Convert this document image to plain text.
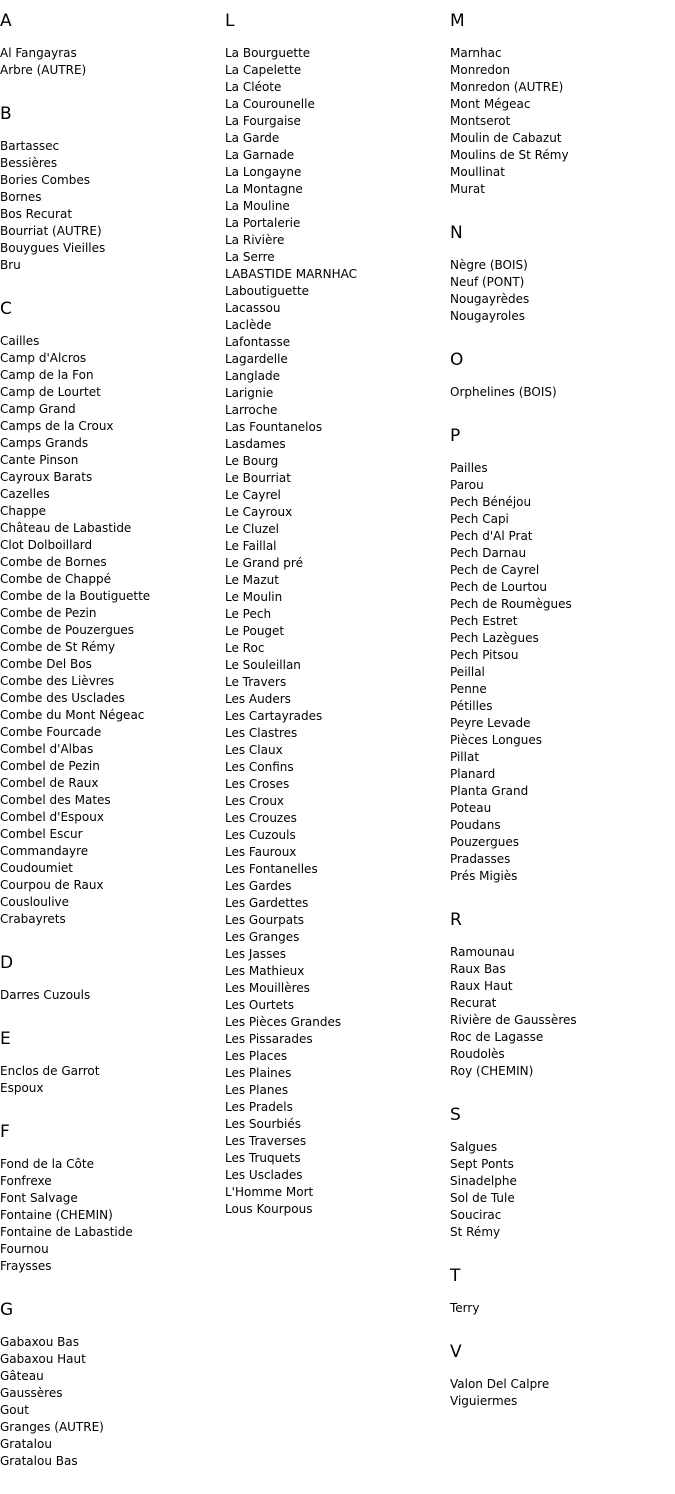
A
Al Fangayras
Arbre (AUTRE)
B
Bartassec
Bessières
Bories Combes
Bornes
Bos Recurat
Bourriat (AUTRE)
Bouygues Vieilles
Bru
C
Cailles
Camp d'Alcros
Camp de la Fon
Camp de Lourtet
Camp Grand
Camps de la Croux
Camps Grands
Cante Pinson
Cayroux Barats
Cazelles
Chappe
Château de Labastide
Clot Dolboillard
Combe de Bornes
Combe de Chappé
Combe de la Boutiguette
Combe de Pezin
Combe de Pouzergues
Combe de St Rémy
Combe Del Bos
Combe des Lièvres
Combe des Usclades
Combe du Mont Négeac
Combe Fourcade
Combel d'Albas
Combel de Pezin
Combel de Raux
Combel des Mates
Combel d'Espoux
Combel Escur
Commandayre
Coudoumiet
Courpou de Raux
Cousloulive
Crabayrets
D
Darres Cuzouls
E
Enclos de Garrot
Espoux
F
Fond de la Côte
Fonfrexe
Font Salvage
Fontaine (CHEMIN)
Fontaine de Labastide
Fournou
Fraysses
G
Gabaxou Bas
Gabaxou Haut
Gâteau
Gaussères
Gout
Granges (AUTRE)
Gratalou
Gratalou Bas
L
La Bourguette
La Capelette
La Cléote
La Courounelle
La Fourgaise
La Garde
La Garnade
La Longayne
La Montagne
La Mouline
La Portalerie
La Rivière
La Serre
LABASTIDE MARNHAC
Laboutiguette
Lacassou
Laclède
Lafontasse
Lagardelle
Langlade
Larignie
Larroche
Las Fountanelos
Lasdames
Le Bourg
Le Bourriat
Le Cayrel
Le Cayroux
Le Cluzel
Le Faillal
Le Grand pré
Le Mazut
Le Moulin
Le Pech
Le Pouget
Le Roc
Le Souleillan
Le Travers
Les Auders
Les Cartayrades
Les Clastres
Les Claux
Les Confins
Les Croses
Les Croux
Les Crouzes
Les Cuzouls
Les Fauroux
Les Fontanelles
Les Gardes
Les Gardettes
Les Gourpats
Les Granges
Les Jasses
Les Mathieux
Les Mouillères
Les Ourtets
Les Pièces Grandes
Les Pissarades
Les Places
Les Plaines
Les Planes
Les Pradels
Les Sourbiés
Les Traverses
Les Truquets
Les Usclades
L'Homme Mort
Lous Kourpous
M
Marnhac
Monredon
Monredon (AUTRE)
Mont Mégeac
Montserot
Moulin de Cabazut
Moulins de St Rémy
Moullinat
Murat
N
Nègre (BOIS)
Neuf (PONT)
Nougayrèdes
Nougayroles
O
Orphelines (BOIS)
P
Pailles
Parou
Pech Bénéjou
Pech Capi
Pech d'Al Prat
Pech Darnau
Pech de Cayrel
Pech de Lourtou
Pech de Roumègues
Pech Estret
Pech Lazègues
Pech Pitsou
Peillal
Penne
Pétilles
Peyre Levade
Pièces Longues
Pillat
Planard
Planta Grand
Poteau
Poudans
Pouzergues
Pradasses
Prés Migiès
R
Ramounau
Raux Bas
Raux Haut
Recurat
Rivière de Gaussères
Roc de Lagasse
Roudolès
Roy (CHEMIN)
S
Salgues
Sept Ponts
Sinadelphe
Sol de Tule
Soucirac
St Rémy
T
Terry
V
Valon Del Calpre
Viguiermes
